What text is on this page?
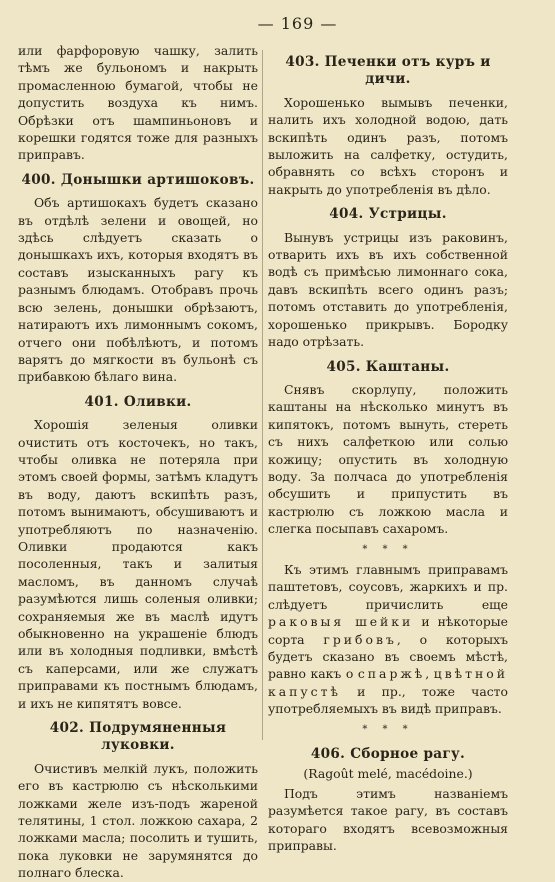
— 169 —

или фарфоровую чашку, залить тѣмъ же бульономъ и накрыть промасленною бумагой, чтобы не допустить воздуха къ нимъ. Обрѣзки отъ шампиньоновъ и корешки годятся тоже для разныхъ приправъ.

400. Донышки артишоковъ.

Объ артишокахъ будетъ сказано въ отдѣлѣ зелени и овощей, но здѣсь слѣдуетъ сказать о донышкахъ ихъ, которыя входятъ въ составъ изысканныхъ рагу къ разнымъ блюдамъ. Отобравъ прочь всю зелень, донышки обрѣзаютъ, натираютъ ихъ лимоннымъ сокомъ, отчего они побѣлѣютъ, и потомъ варятъ до мягкости въ бульонѣ съ прибавкою бѣлаго вина.

401. Оливки.

Хорошія зеленыя оливки очистить отъ косточекъ, но такъ, чтобы оливка не потеряла при этомъ своей формы, затѣмъ кладутъ въ воду, даютъ вскипѣть разъ, потомъ вынимаютъ, обсушиваютъ и употребляютъ по назначенію. Оливки продаются какъ посоленныя, такъ и залитыя масломъ, въ данномъ случаѣ разумѣются лишь соленыя оливки; сохраняемыя же въ маслѣ идутъ обыкновенно на украшеніе блюдъ или въ холодныя подливки, вмѣстѣ съ каперсами, или же служатъ приправами къ постнымъ блюдамъ, и ихъ не кипятятъ вовсе.

402. Подрумяненныя луковки.

Очистивъ мелкій лукъ, положить его въ кастрюлю съ нѣсколькими ложками желе изъ-подъ жареной телятины, 1 стол. ложкою сахара, 2 ложками масла; посолить и тушить, пока луковки не зарумянятся до полнаго блеска.

403. Печенки отъ куръ и дичи.

Хорошенько вымывъ печенки, налить ихъ холодной водою, дать вскипѣть одинъ разъ, потомъ выложить на салфетку, остудить, обравнять со всѣхъ сторонъ и накрыть до употребленія въ дѣло.

404. Устрицы.

Вынувъ устрицы изъ раковинъ, отварить ихъ въ ихъ собственной водѣ съ примѣсью лимоннаго сока, давъ вскипѣть всего одинъ разъ; потомъ отставить до употребленія, хорошенько прикрывъ. Бородку надо отрѣзать.

405. Каштаны.

Снявъ скорлупу, положить каштаны на нѣсколько минутъ въ кипятокъ, потомъ вынуть, стереть съ нихъ салфеткою или солью кожицу; опустить въ холодную воду. За полчаса до употребленія обсушить и припустить въ кастрюлю съ ложкою масла и слегка посыпавъ сахаромъ.

* * *

Къ этимъ главнымъ приправамъ паштетовъ, соусовъ, жаркихъ и пр. слѣдуетъ причислить еще раковыя шейки и нѣкоторые сорта грибовъ, о которыхъ будетъ сказано въ своемъ мѣстѣ, равно какъ о спаржѣ, цвѣтной капустѣ и пр., тоже часто употребляемыхъ въ видѣ приправъ.

* * *
406. Сборное рагу.
(Ragoût melé, macédoine.)

Подъ этимъ названіемъ разумѣется такое рагу, въ составъ котораго входятъ всевозможныя приправы.
